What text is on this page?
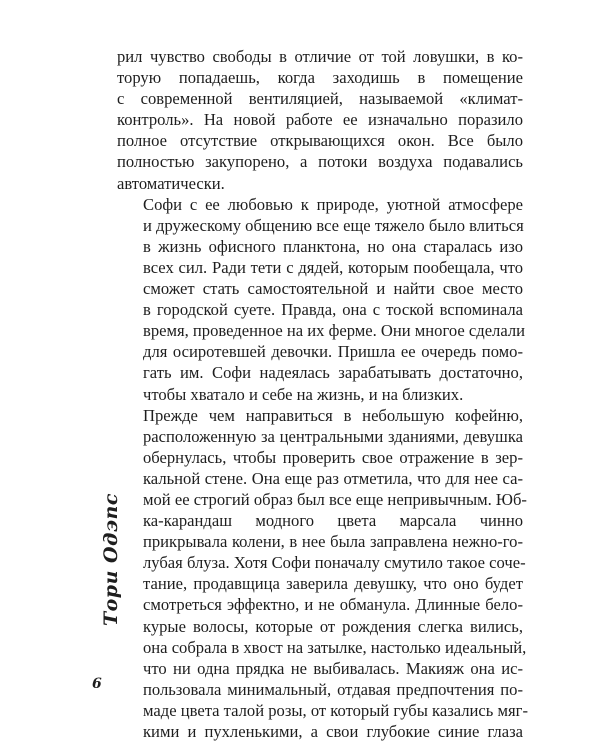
рил чувство свободы в отличие от той ловушки, в ко-
торую попадаешь, когда заходишь в помещение
с современной вентиляцией, называемой «климат-
контроль». На новой работе ее изначально поразило
полное отсутствие открывающихся окон. Все было
полностью закупорено, а потоки воздуха подавались
автоматически.

Софи с ее любовью к природе, уютной атмосфере
и дружескому общению все еще тяжело было влиться
в жизнь офисного планктона, но она старалась изо
всех сил. Ради тети с дядей, которым пообещала, что
сможет стать самостоятельной и найти свое место
в городской суете. Правда, она с тоской вспоминала
время, проведенное на их ферме. Они многое сделали
для осиротевшей девочки. Пришла ее очередь помо-
гать им. Софи надеялась зарабатывать достаточно,
чтобы хватало и себе на жизнь, и на близких.

Прежде чем направиться в небольшую кофейню,
расположенную за центральными зданиями, девушка
обернулась, чтобы проверить свое отражение в зер-
кальной стене. Она еще раз отметила, что для нее са-
мой ее строгий образ был все еще непривычным. Юб-
ка-карандаш модного цвета марсала чинно
прикрывала колени, в нее была заправлена нежно-го-
лубая блуза. Хотя Софи поначалу смутило такое сочe-
тание, продавщица заверила девушку, что оно будет
смотреться эффектно, и не обманула. Длинные бело-
курые волосы, которые от рождения слегка вились,
она собрала в хвост на затылке, настолько идеальный,
что ни одна прядка не выбивалась. Макияж она ис-
пользовала минимальный, отдавая предпочтения по-
маде цвета талой розы, от который губы казались мяг-
кими и пухленькими, а свои глубокие синие глаза

Тори Одэпс
6
